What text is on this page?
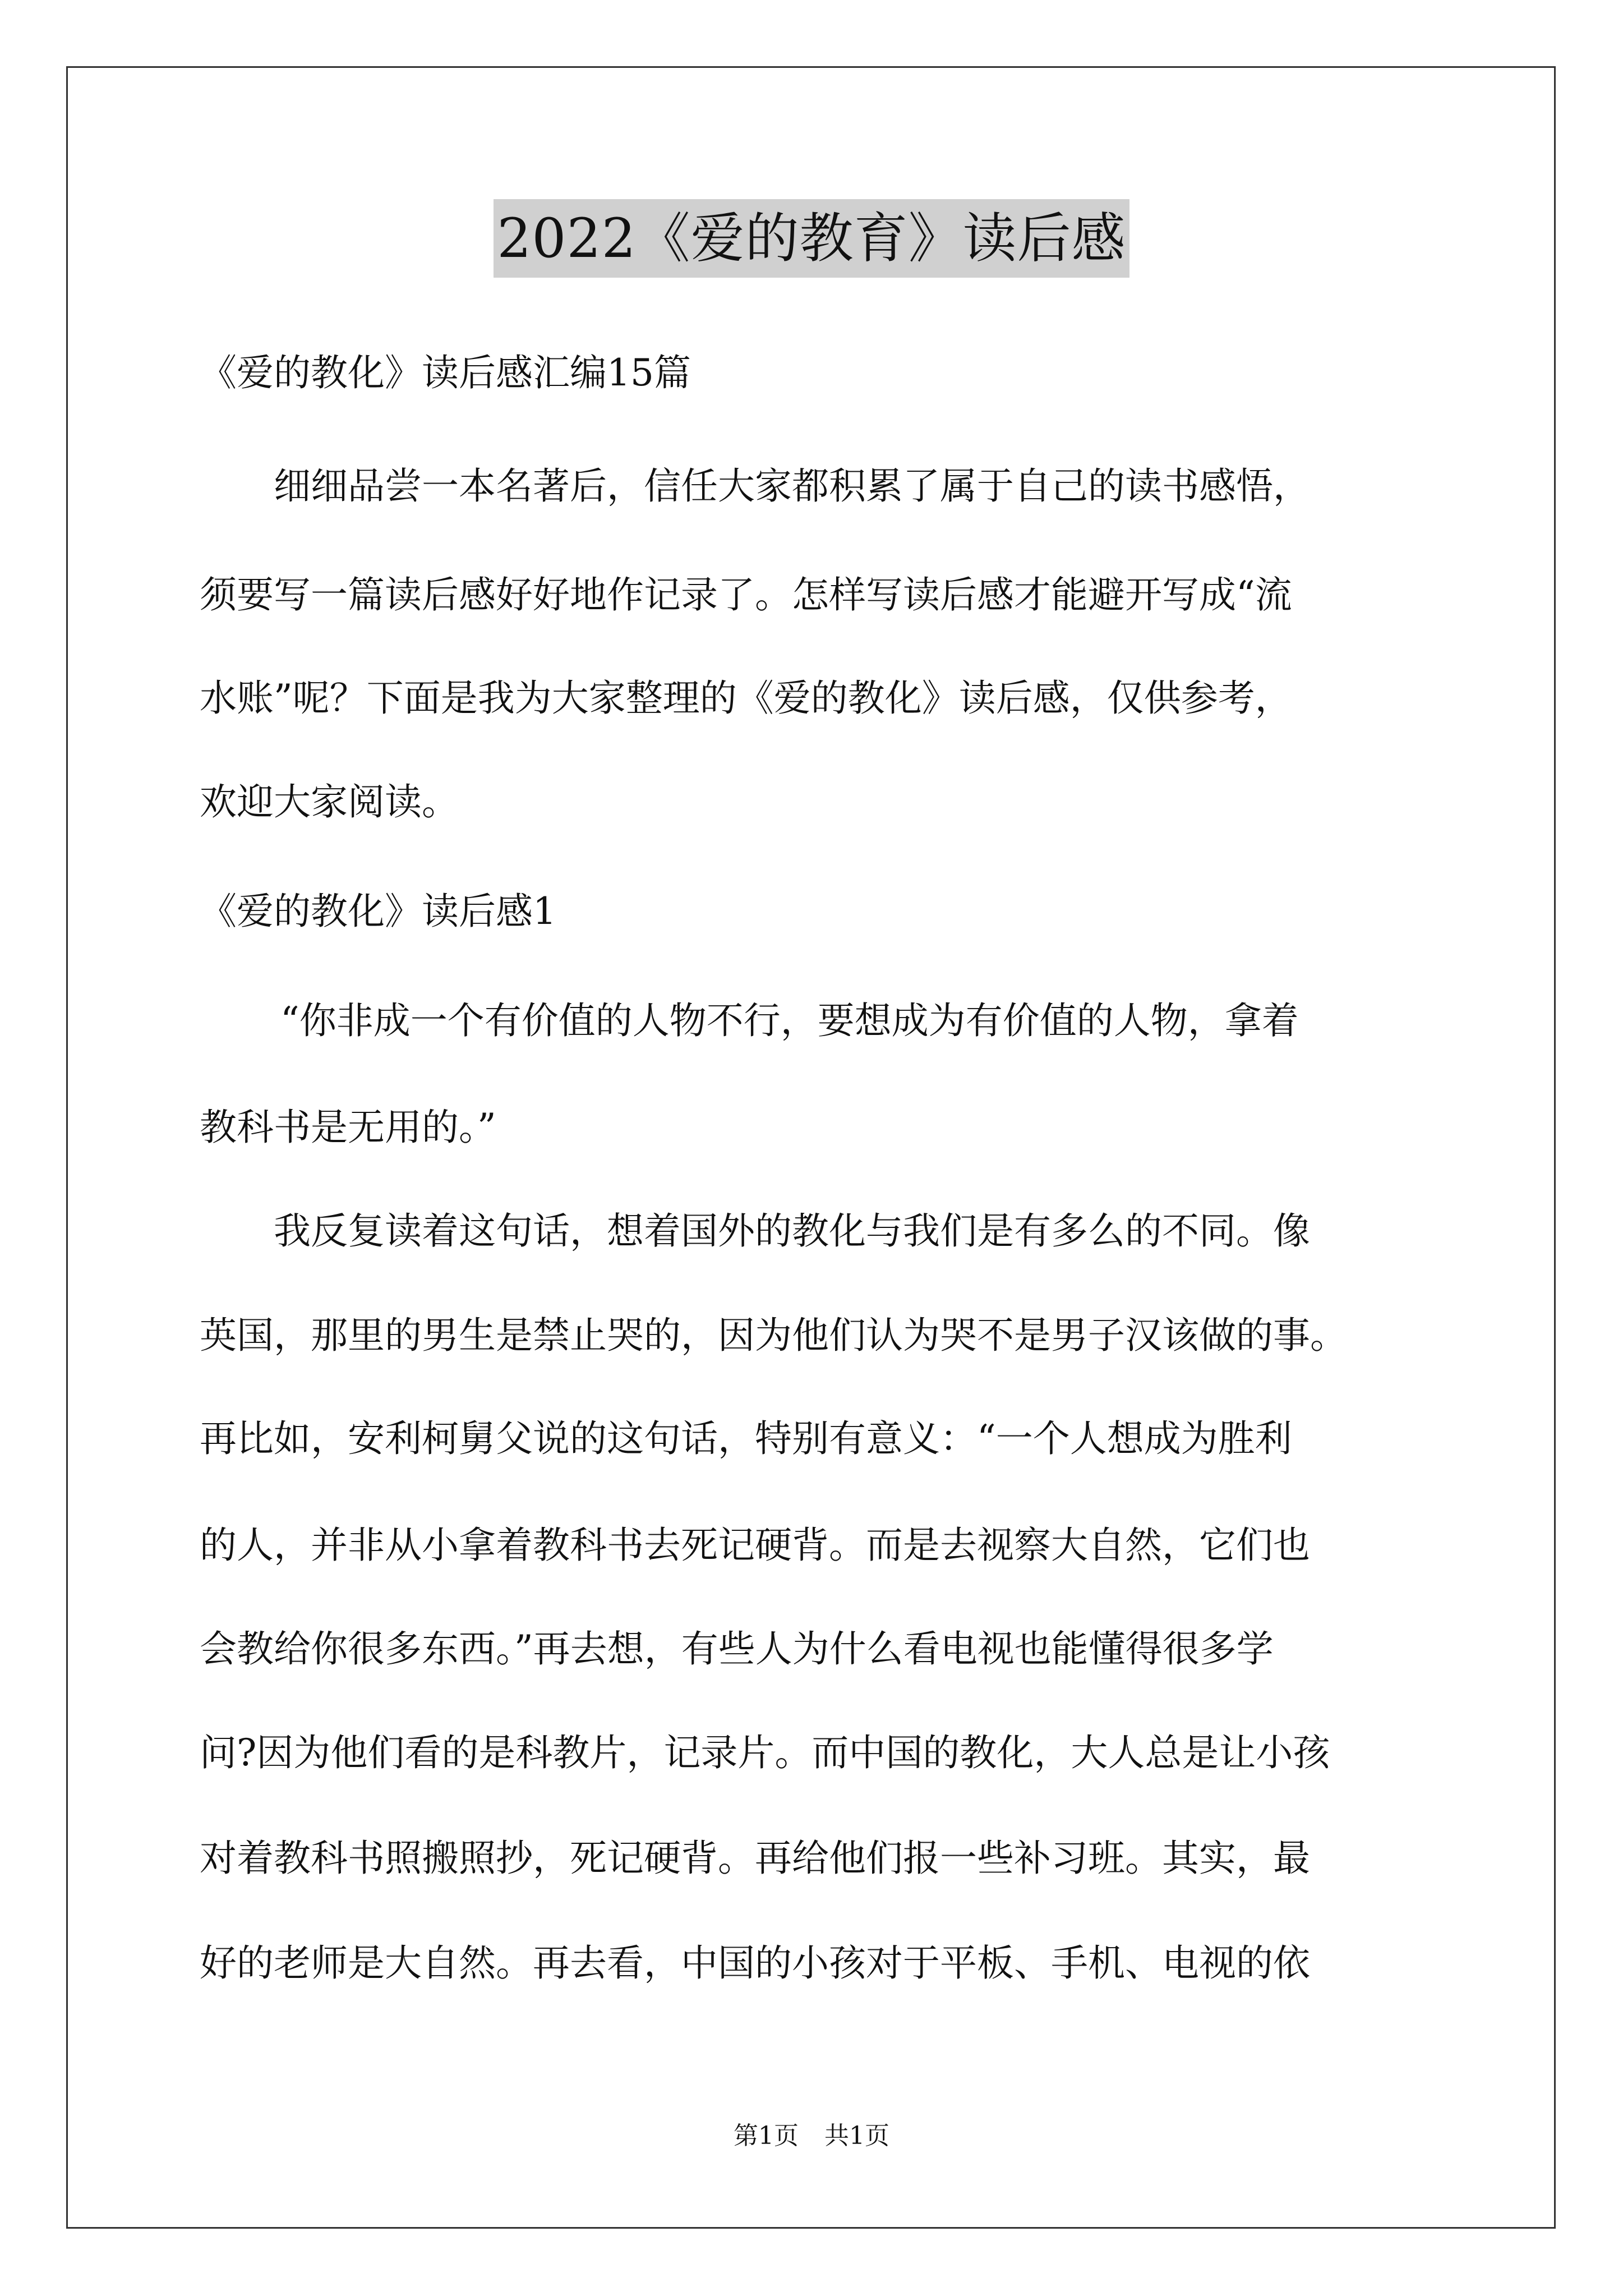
2022《爱的教育》读后感
《爱的教化》读后感汇编15篇
细细品尝一本名著后，信任大家都积累了属于自己的读书感悟，
须要写一篇读后感好好地作记录了。怎样写读后感才能避开写成“流
水账”呢？下面是我为大家整理的《爱的教化》读后感，仅供参考，
欢迎大家阅读。
《爱的教化》读后感1
“你非成一个有价值的人物不行，要想成为有价值的人物，拿着
教科书是无用的。”
我反复读着这句话，想着国外的教化与我们是有多么的不同。像
英国，那里的男生是禁止哭的，因为他们认为哭不是男子汉该做的事。
再比如，安利柯舅父说的这句话，特别有意义：“一个人想成为胜利
的人，并非从小拿着教科书去死记硬背。而是去视察大自然，它们也
会教给你很多东西。”再去想，有些人为什么看电视也能懂得很多学
问?因为他们看的是科教片，记录片。而中国的教化，大人总是让小孩
对着教科书照搬照抄，死记硬背。再给他们报一些补习班。其实，最
好的老师是大自然。再去看，中国的小孩对于平板、手机、电视的依
第1页 共1页
